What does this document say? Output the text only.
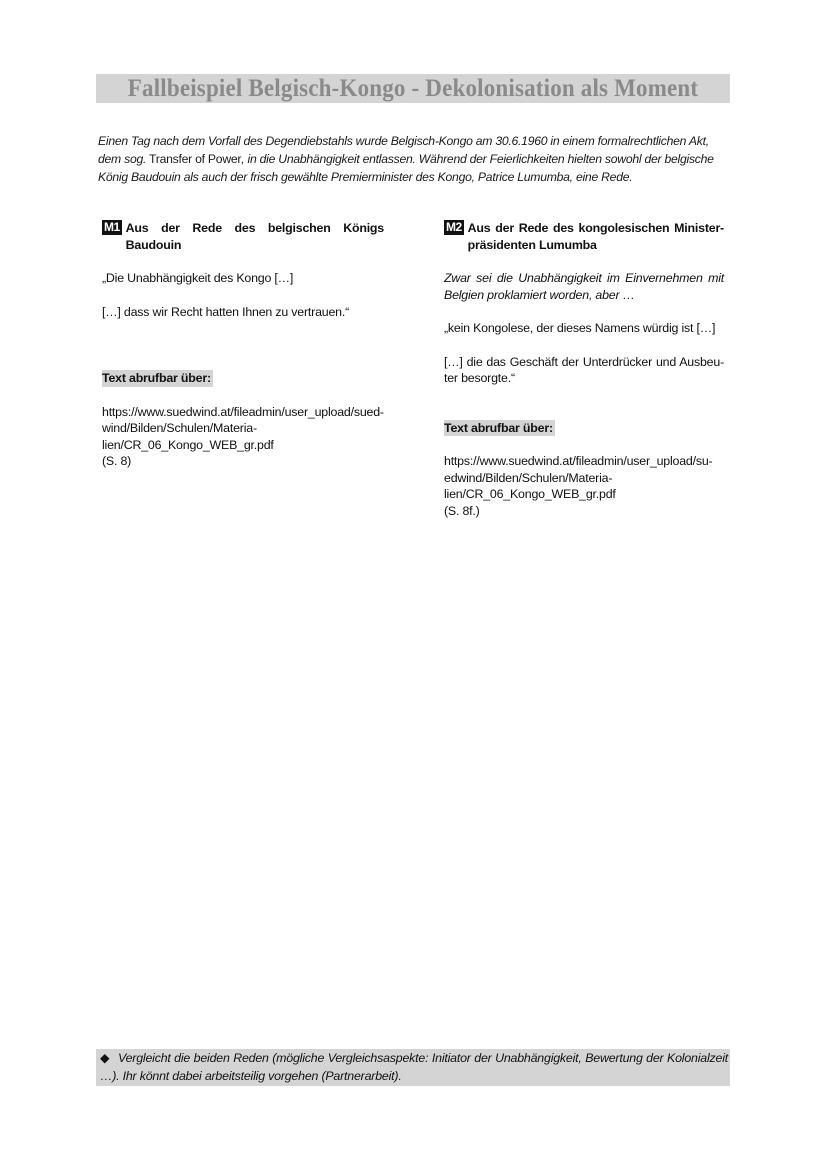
Fallbeispiel Belgisch-Kongo - Dekolonisation als Moment
Einen Tag nach dem Vorfall des Degendiebstahls wurde Belgisch-Kongo am 30.6.1960 in einem formalrechtlichen Akt, dem sog. Transfer of Power, in die Unabhängigkeit entlassen. Während der Feierlichkeiten hielten sowohl der belgische König Baudouin als auch der frisch gewählte Premierminister des Kongo, Patrice Lumumba, eine Rede.
M1 Aus der Rede des belgischen Königs Baudouin

„Die Unabhängigkeit des Kongo […]

[…] dass wir Recht hatten Ihnen zu vertrauen.“

Text abrufbar über:
https://www.suedwind.at/fileadmin/user_upload/sued-
wind/Bilden/Schulen/Materia-
lien/CR_06_Kongo_WEB_gr.pdf
(S. 8)
M2 Aus der Rede des kongolesischen Minister-präsidenten Lumumba

Zwar sei die Unabhängigkeit im Einvernehmen mit Belgien proklamiert worden, aber …

„kein Kongolese, der dieses Namens würdig ist […]

[…] die das Geschäft der Unterdrücker und Ausbeu-ter besorgte.“

Text abrufbar über:
https://www.suedwind.at/fileadmin/user_upload/su-
edwind/Bilden/Schulen/Materia-
lien/CR_06_Kongo_WEB_gr.pdf
(S. 8f.)
◆ Vergleicht die beiden Reden (mögliche Vergleichsaspekte: Initiator der Unabhängigkeit, Bewertung der Kolonialzeit …). Ihr könnt dabei arbeitsteilig vorgehen (Partnerarbeit).
